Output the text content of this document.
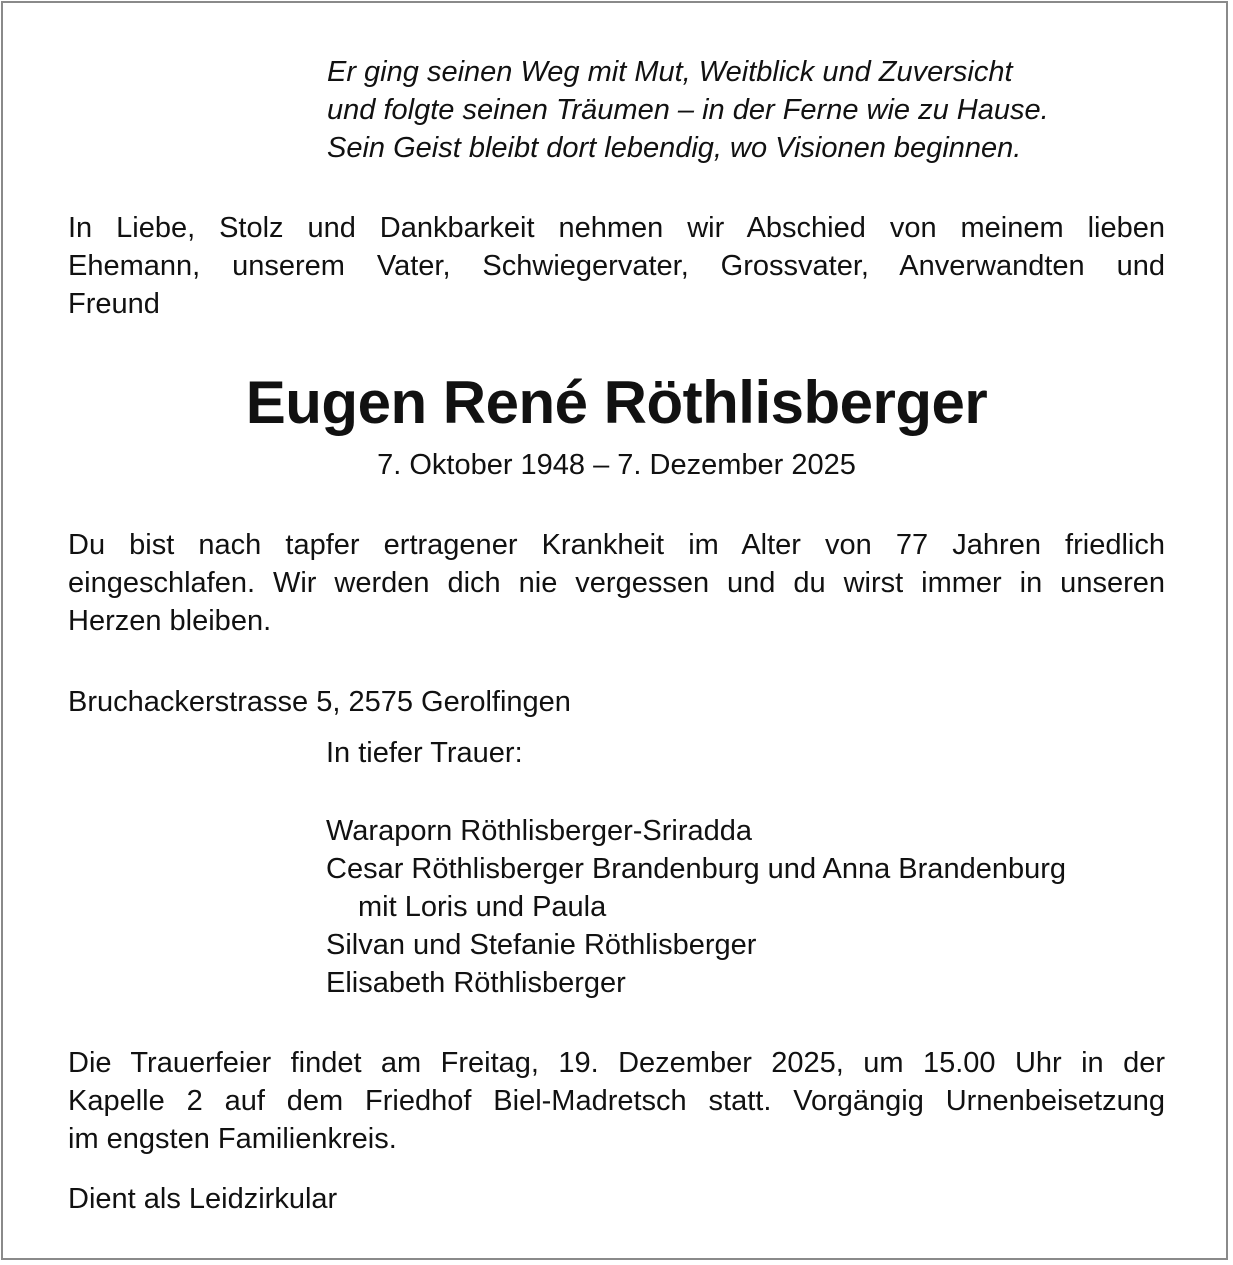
Er ging seinen Weg mit Mut, Weitblick und Zuversicht
und folgte seinen Träumen – in der Ferne wie zu Hause.
Sein Geist bleibt dort lebendig, wo Visionen beginnen.
In Liebe, Stolz und Dankbarkeit nehmen wir Abschied von meinem lieben
Ehemann, unserem Vater, Schwiegervater, Grossvater, Anverwandten und
Freund
Eugen René Röthlisberger
7. Oktober 1948 – 7. Dezember 2025
Du bist nach tapfer ertragener Krankheit im Alter von 77 Jahren friedlich
eingeschlafen. Wir werden dich nie vergessen und du wirst immer in unseren
Herzen bleiben.
Bruchackerstrasse 5, 2575 Gerolfingen
In tiefer Trauer:
Waraporn Röthlisberger-Sriradda
Cesar Röthlisberger Brandenburg und Anna Brandenburg
mit Loris und Paula
Silvan und Stefanie Röthlisberger
Elisabeth Röthlisberger
Die Trauerfeier findet am Freitag, 19. Dezember 2025, um 15.00 Uhr in der
Kapelle 2 auf dem Friedhof Biel-Madretsch statt. Vorgängig Urnenbeisetzung
im engsten Familienkreis.
Dient als Leidzirkular
